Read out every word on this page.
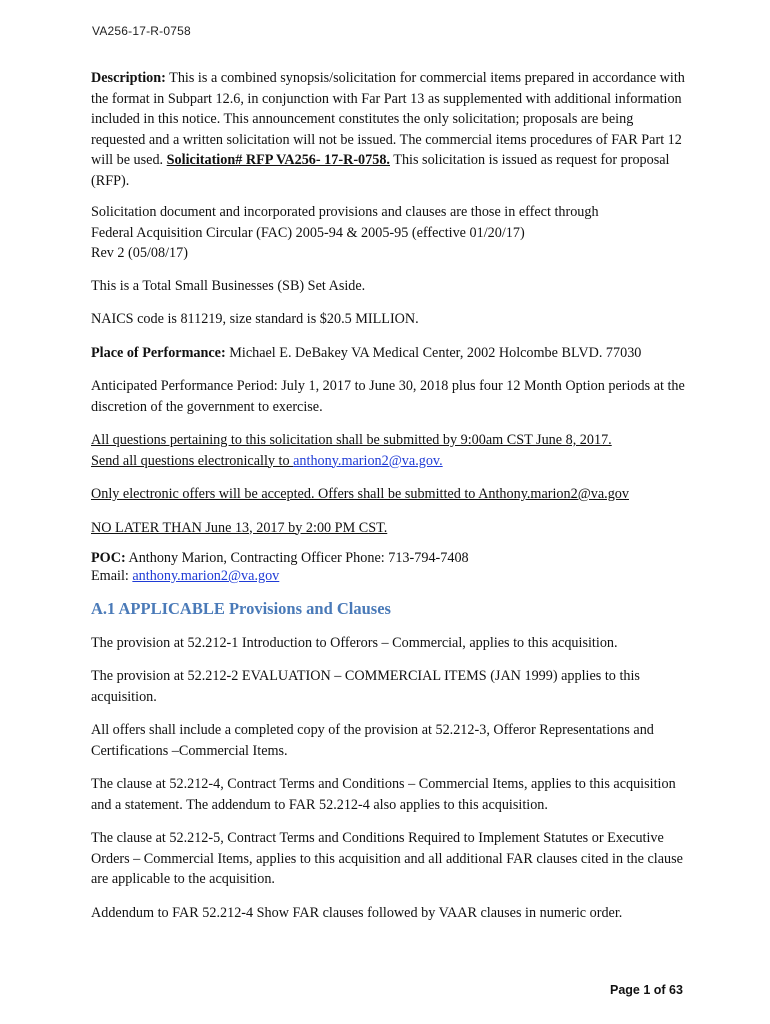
VA256-17-R-0758

Description: This is a combined synopsis/solicitation for commercial items prepared in accordance with the format in Subpart 12.6, in conjunction with Far Part 13 as supplemented with additional information included in this notice. This announcement constitutes the only solicitation; proposals are being requested and a written solicitation will not be issued. The commercial items procedures of FAR Part 12 will be used. Solicitation# RFP VA256- 17-R-0758. This solicitation is issued as request for proposal (RFP).

Solicitation document and incorporated provisions and clauses are those in effect through
Federal Acquisition Circular (FAC) 2005-94 & 2005-95 (effective 01/20/17)
Rev 2 (05/08/17)

This is a Total Small Businesses (SB) Set Aside.

NAICS code is 811219, size standard is $20.5 MILLION.

Place of Performance: Michael E. DeBakey VA Medical Center, 2002 Holcombe BLVD. 77030

Anticipated Performance Period: July 1, 2017 to June 30, 2018 plus four 12 Month Option periods at the discretion of the government to exercise.

All questions pertaining to this solicitation shall be submitted by 9:00am CST June 8, 2017.
Send all questions electronically to anthony.marion2@va.gov.

Only electronic offers will be accepted. Offers shall be submitted to Anthony.marion2@va.gov

NO LATER THAN June 13, 2017 by 2:00 PM CST.

POC: Anthony Marion, Contracting Officer Phone: 713-794-7408
Email: anthony.marion2@va.gov

A.1 APPLICABLE Provisions and Clauses

The provision at 52.212-1 Introduction to Offerors – Commercial, applies to this acquisition.

The provision at 52.212-2 EVALUATION – COMMERCIAL ITEMS (JAN 1999) applies to this acquisition.

All offers shall include a completed copy of the provision at 52.212-3, Offeror Representations and Certifications –Commercial Items.

The clause at 52.212-4, Contract Terms and Conditions – Commercial Items, applies to this acquisition and a statement. The addendum to FAR 52.212-4 also applies to this acquisition.

The clause at 52.212-5, Contract Terms and Conditions Required to Implement Statutes or Executive Orders – Commercial Items, applies to this acquisition and all additional FAR clauses cited in the clause are applicable to the acquisition.

Addendum to FAR 52.212-4 Show FAR clauses followed by VAAR clauses in numeric order.

Page 1 of 63
